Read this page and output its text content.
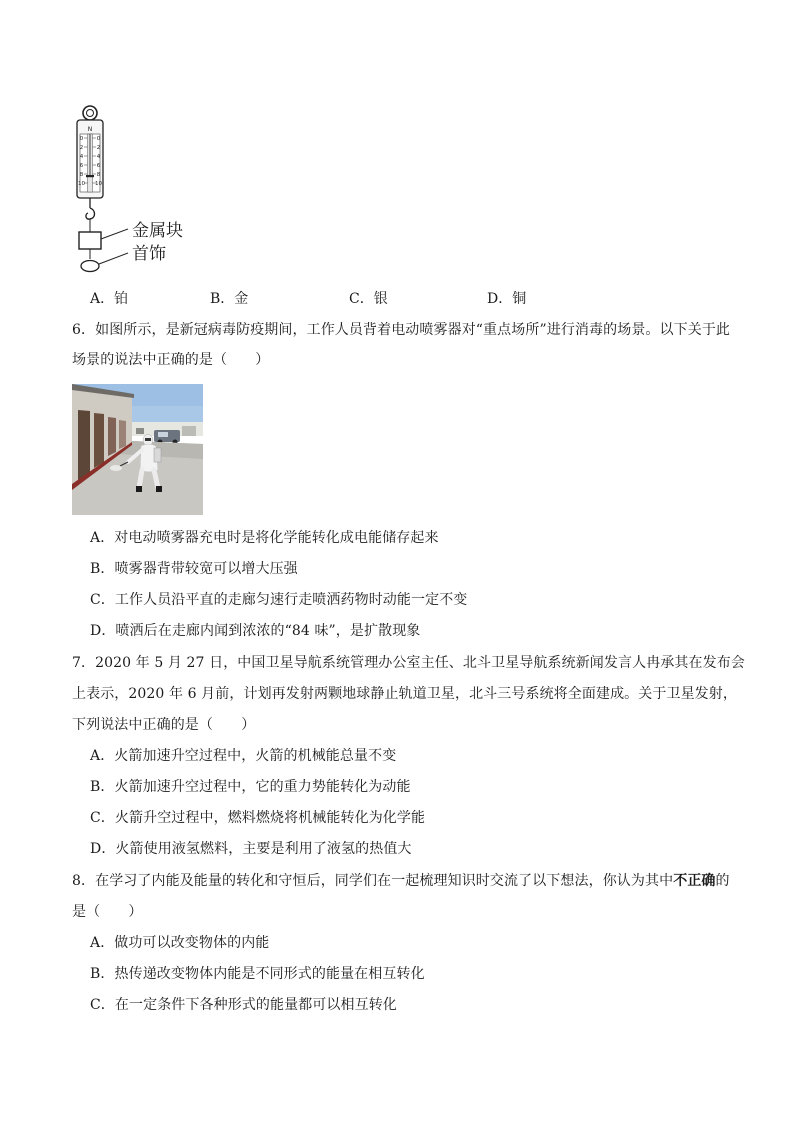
N
0
2
4
6
8
10
0
2
4
6
8
10
金属块
首饰
A．铂	B．金	C．银	D．铜
6．如图所示，是新冠病毒防疫期间，工作人员背着电动喷雾器对“重点场所”进行消毒的场景。以下关于此
场景的说法中正确的是（　　）
A．对电动喷雾器充电时是将化学能转化成电能储存起来
B．喷雾器背带较宽可以增大压强
C．工作人员沿平直的走廊匀速行走喷洒药物时动能一定不变
D．喷洒后在走廊内闻到浓浓的“84 味”，是扩散现象
7．2020 年 5 月 27 日，中国卫星导航系统管理办公室主任、北斗卫星导航系统新闻发言人冉承其在发布会
上表示，2020 年 6 月前，计划再发射两颗地球静止轨道卫星，北斗三号系统将全面建成。关于卫星发射，
下列说法中正确的是（　　）
A．火箭加速升空过程中，火箭的机械能总量不变
B．火箭加速升空过程中，它的重力势能转化为动能
C．火箭升空过程中，燃料燃烧将机械能转化为化学能
D．火箭使用液氢燃料，主要是利用了液氢的热值大
8．在学习了内能及能量的转化和守恒后，同学们在一起梳理知识时交流了以下想法，你认为其中不正确的
是（　　）
A．做功可以改变物体的内能
B．热传递改变物体内能是不同形式的能量在相互转化
C．在一定条件下各种形式的能量都可以相互转化
